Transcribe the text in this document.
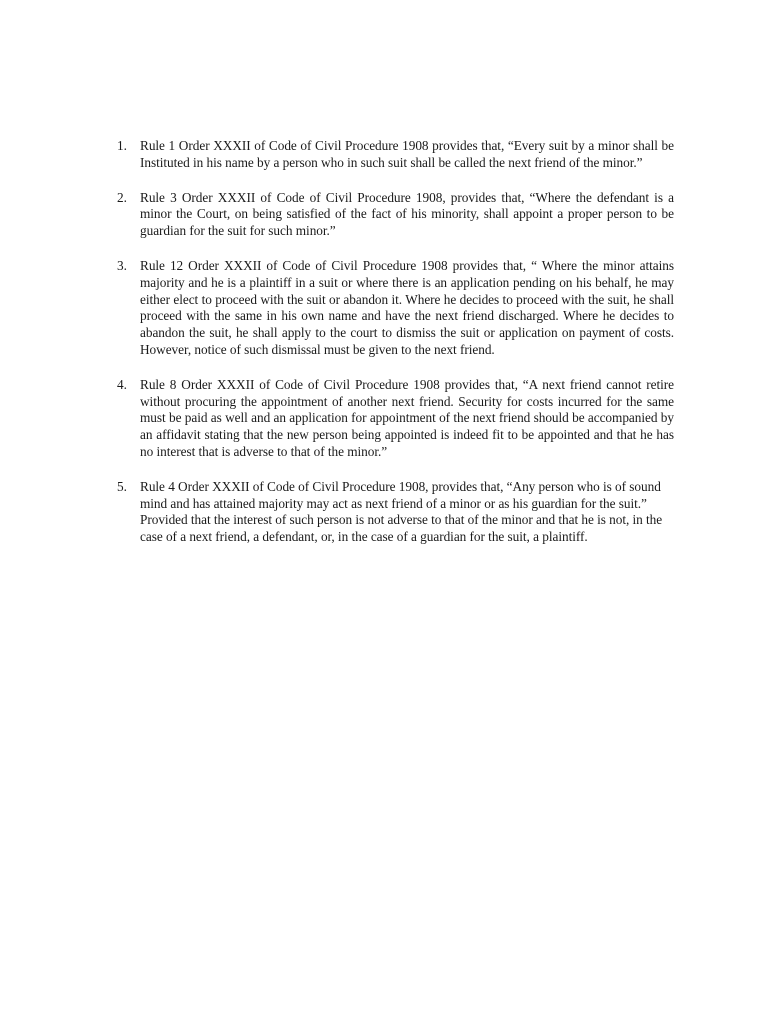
1. Rule 1 Order XXXII of Code of Civil Procedure 1908 provides that, “Every suit by a minor shall be Instituted in his name by a person who in such suit shall be called the next friend of the minor.”

2. Rule 3 Order XXXII of Code of Civil Procedure 1908, provides that, “Where the defendant is a minor the Court, on being satisfied of the fact of his minority, shall appoint a proper person to be guardian for the suit for such minor.”

3. Rule 12 Order XXXII of Code of Civil Procedure 1908 provides that, “ Where the minor attains majority and he is a plaintiff in a suit or where there is an application pending on his behalf, he may either elect to proceed with the suit or abandon it. Where he decides to proceed with the suit, he shall proceed with the same in his own name and have the next friend discharged. Where he decides to abandon the suit, he shall apply to the court to dismiss the suit or application on payment of costs. However, notice of such dismissal must be given to the next friend.

4. Rule 8 Order XXXII of Code of Civil Procedure 1908 provides that, “A next friend cannot retire without procuring the appointment of another next friend. Security for costs incurred for the same must be paid as well and an application for appointment of the next friend should be accompanied by an affidavit stating that the new person being appointed is indeed fit to be appointed and that he has no interest that is adverse to that of the minor.”

5. Rule 4 Order XXXII of Code of Civil Procedure 1908, provides that, “Any person who is of sound mind and has attained majority may act as next friend of a minor or as his guardian for the suit.”

Provided that the interest of such person is not adverse to that of the minor and that he is not, in the case of a next friend, a defendant, or, in the case of a guardian for the suit, a plaintiff.
